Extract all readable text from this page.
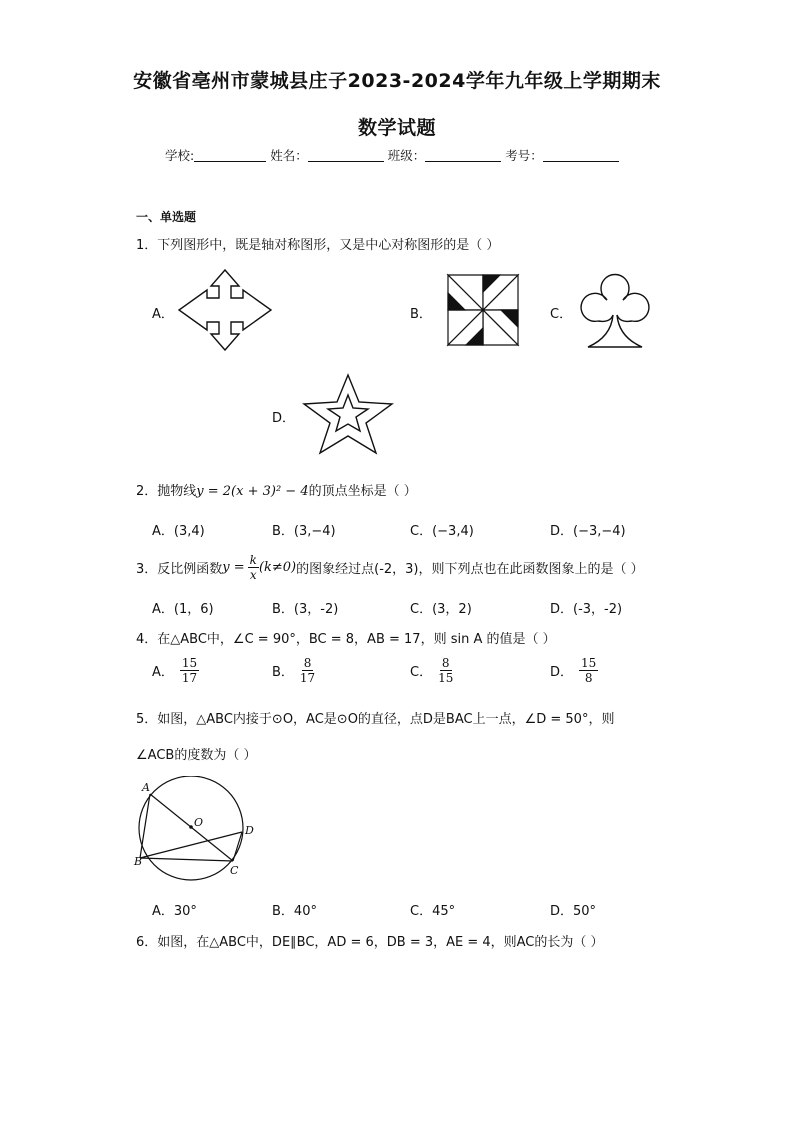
安徽省亳州市蒙城县庄子2023-2024学年九年级上学期期末
数学试题
学校:	姓名：	班级：	考号：
一、单选题
1．下列图形中，既是轴对称图形，又是中心对称图形的是（ ）
A．	B．	C．
D．
2．抛物线y = 2(x + 3)² − 4的顶点坐标是（ ）
A．(3,4)	B．(3,−4)	C．(−3,4)	D．(−3,−4)
3．反比例函数 $y = \frac{k}{x} (k\ne 0)$ 的图象经过点(-2，3)，则下列点也在此函数图象上的是（ ）
A．(1，6)	B．(3，-2)	C．(3，2)	D．(-3，-2)
4．在△ABC中，∠C = 90°，BC = 8，AB = 17，则 sin A 的值是（ ）
A． $\frac{15}{17}$	B． $\frac{8}{17}$	C． $\frac{8}{15}$	D． $\frac{15}{8}$
5．如图，△ABC内接于⊙O，AC是⊙O的直径，点D是BAC上一点，∠D = 50°，则
∠ACB的度数为（ ）
A
O
D
B
C
A．30°	B．40°	C．45°	D．50°
6．如图，在△ABC中，DE∥BC，AD = 6，DB = 3，AE = 4，则AC的长为（ ）
